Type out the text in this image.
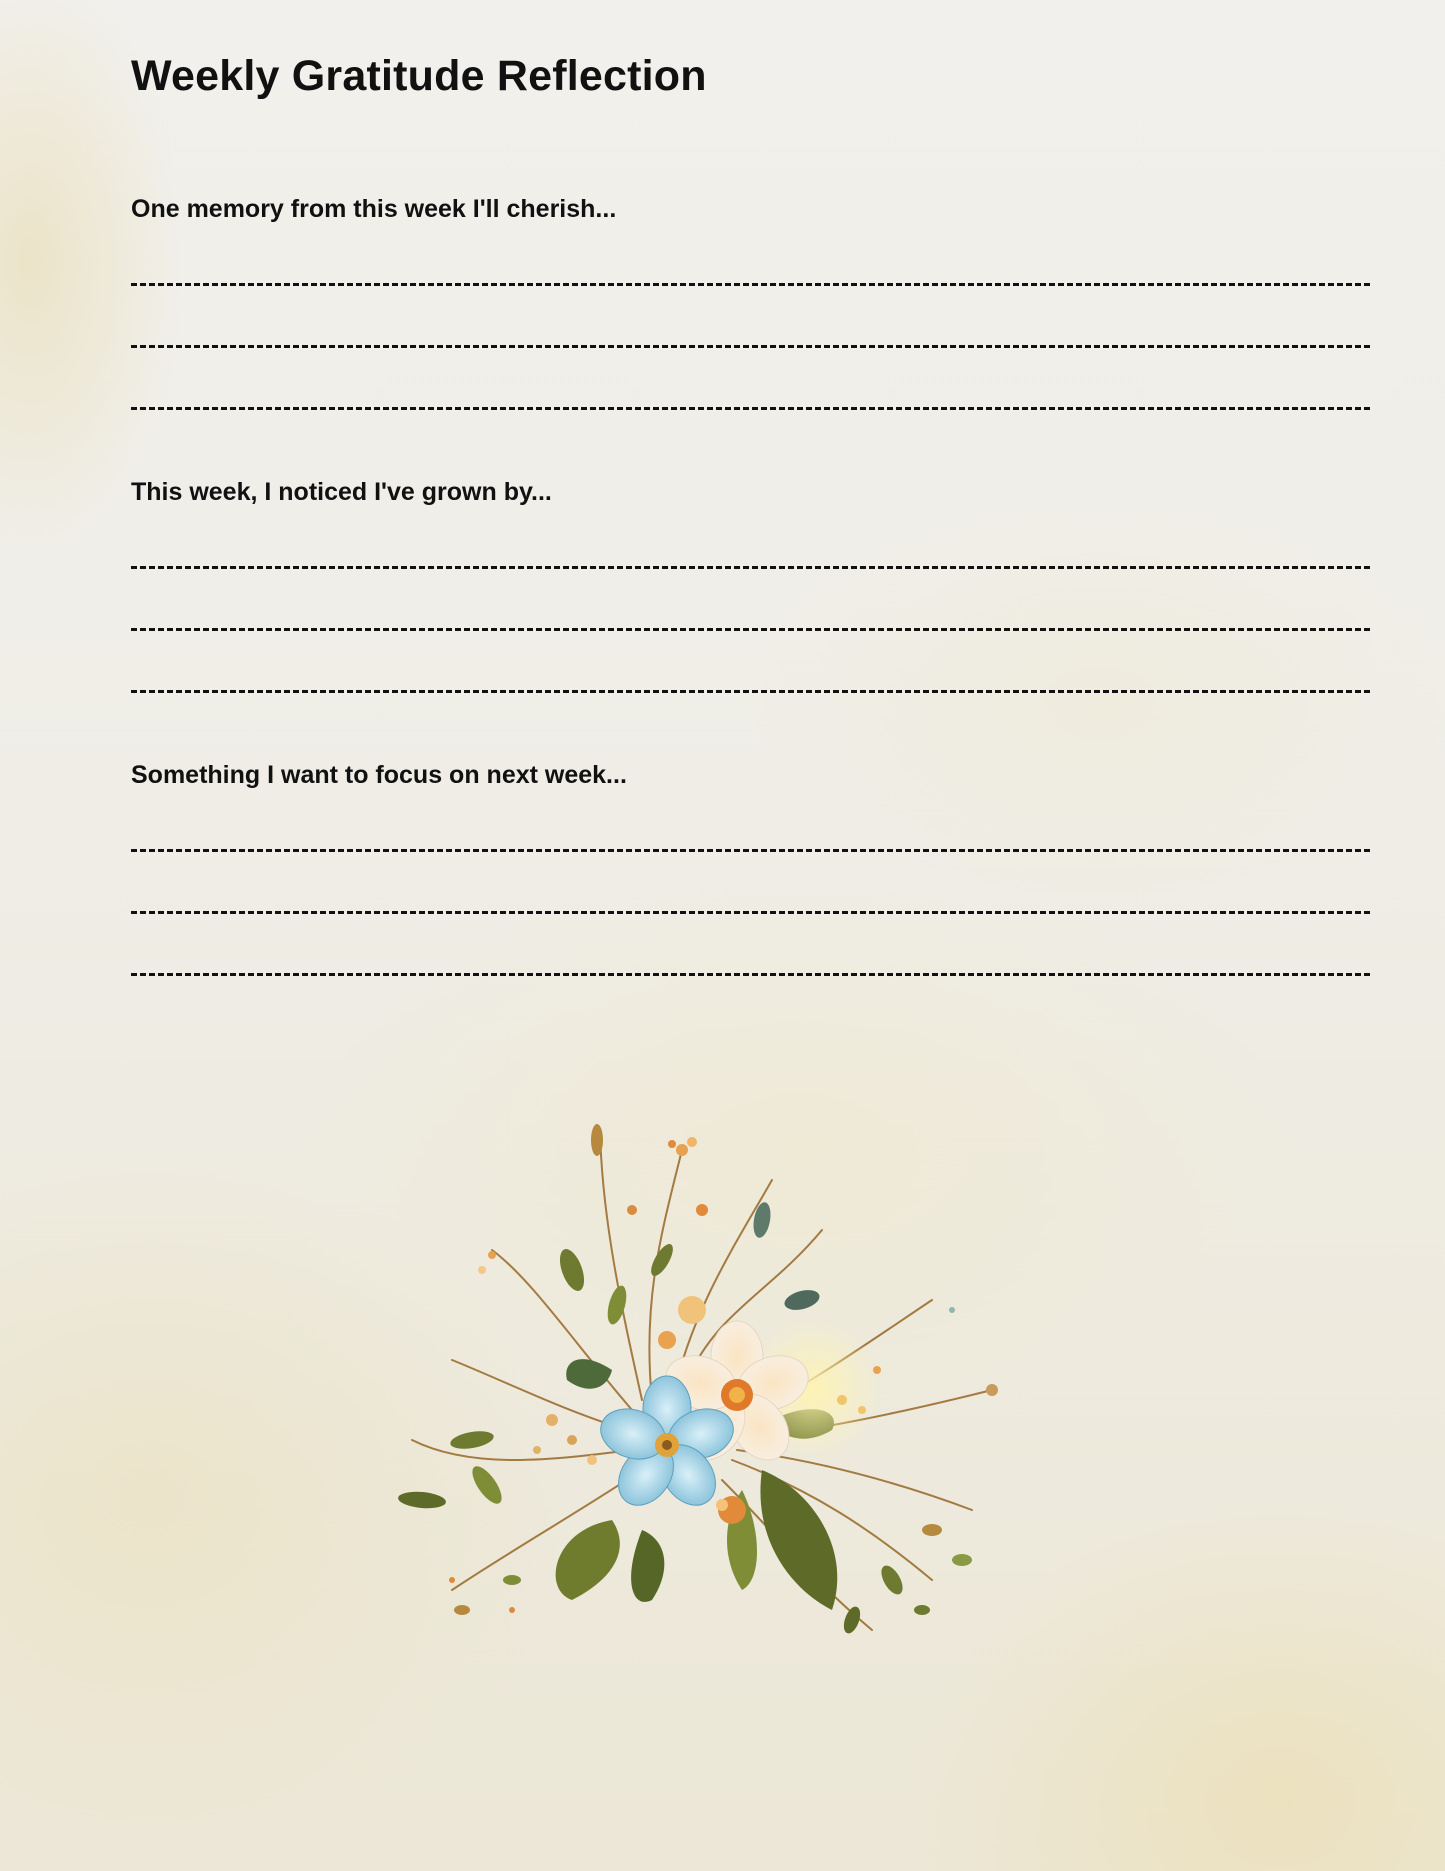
Weekly Gratitude Reflection
One memory from this week I'll cherish...
This week, I noticed I've grown by...
Something I want to focus on next week...
